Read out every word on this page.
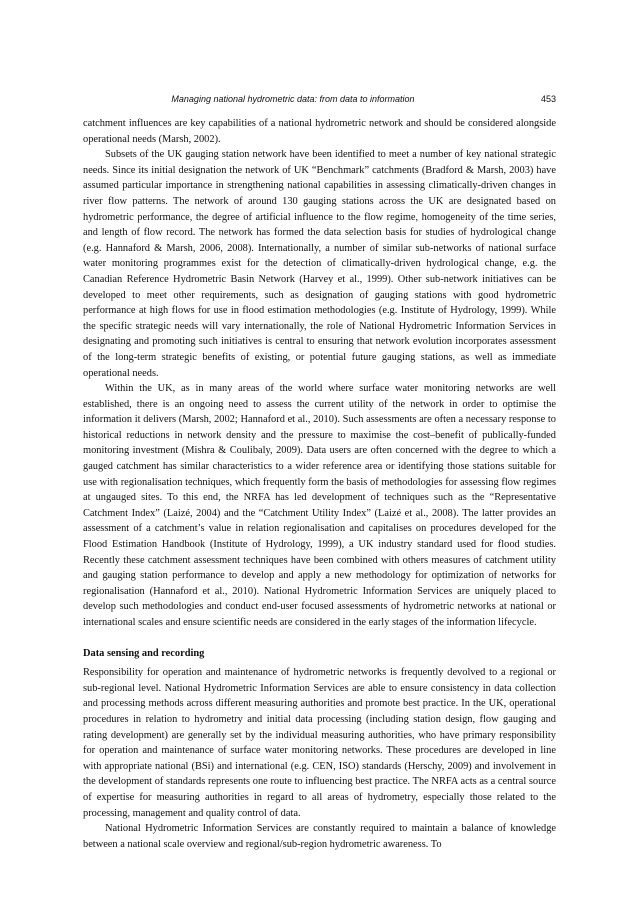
Managing national hydrometric data: from data to information	453

catchment influences are key capabilities of a national hydrometric network and should be considered alongside operational needs (Marsh, 2002).

Subsets of the UK gauging station network have been identified to meet a number of key national strategic needs. Since its initial designation the network of UK “Benchmark” catchments (Bradford & Marsh, 2003) have assumed particular importance in strengthening national capabilities in assessing climatically-driven changes in river flow patterns. The network of around 130 gauging stations across the UK are designated based on hydrometric performance, the degree of artificial influence to the flow regime, homogeneity of the time series, and length of flow record. The network has formed the data selection basis for studies of hydrological change (e.g. Hannaford & Marsh, 2006, 2008). Internationally, a number of similar sub-networks of national surface water monitoring programmes exist for the detection of climatically-driven hydrological change, e.g. the Canadian Reference Hydrometric Basin Network (Harvey et al., 1999). Other sub-network initiatives can be developed to meet other requirements, such as designation of gauging stations with good hydrometric performance at high flows for use in flood estimation methodologies (e.g. Institute of Hydrology, 1999). While the specific strategic needs will vary internationally, the role of National Hydrometric Information Services in designating and promoting such initiatives is central to ensuring that network evolution incorporates assessment of the long-term strategic benefits of existing, or potential future gauging stations, as well as immediate operational needs.

Within the UK, as in many areas of the world where surface water monitoring networks are well established, there is an ongoing need to assess the current utility of the network in order to optimise the information it delivers (Marsh, 2002; Hannaford et al., 2010). Such assessments are often a necessary response to historical reductions in network density and the pressure to maximise the cost–benefit of publically-funded monitoring investment (Mishra & Coulibaly, 2009). Data users are often concerned with the degree to which a gauged catchment has similar characteristics to a wider reference area or identifying those stations suitable for use with regionalisation techniques, which frequently form the basis of methodologies for assessing flow regimes at ungauged sites. To this end, the NRFA has led development of techniques such as the “Representative Catchment Index” (Laizé, 2004) and the “Catchment Utility Index” (Laizé et al., 2008). The latter provides an assessment of a catchment’s value in relation regionalisation and capitalises on procedures developed for the Flood Estimation Handbook (Institute of Hydrology, 1999), a UK industry standard used for flood studies. Recently these catchment assessment techniques have been combined with others measures of catchment utility and gauging station performance to develop and apply a new methodology for optimization of networks for regionalisation (Hannaford et al., 2010). National Hydrometric Information Services are uniquely placed to develop such methodologies and conduct end-user focused assessments of hydrometric networks at national or international scales and ensure scientific needs are considered in the early stages of the information lifecycle.

Data sensing and recording

Responsibility for operation and maintenance of hydrometric networks is frequently devolved to a regional or sub-regional level. National Hydrometric Information Services are able to ensure consistency in data collection and processing methods across different measuring authorities and promote best practice. In the UK, operational procedures in relation to hydrometry and initial data processing (including station design, flow gauging and rating development) are generally set by the individual measuring authorities, who have primary responsibility for operation and maintenance of surface water monitoring networks. These procedures are developed in line with appropriate national (BSi) and international (e.g. CEN, ISO) standards (Herschy, 2009) and involvement in the development of standards represents one route to influencing best practice. The NRFA acts as a central source of expertise for measuring authorities in regard to all areas of hydrometry, especially those related to the processing, management and quality control of data.

National Hydrometric Information Services are constantly required to maintain a balance of knowledge between a national scale overview and regional/sub-region hydrometric awareness. To
